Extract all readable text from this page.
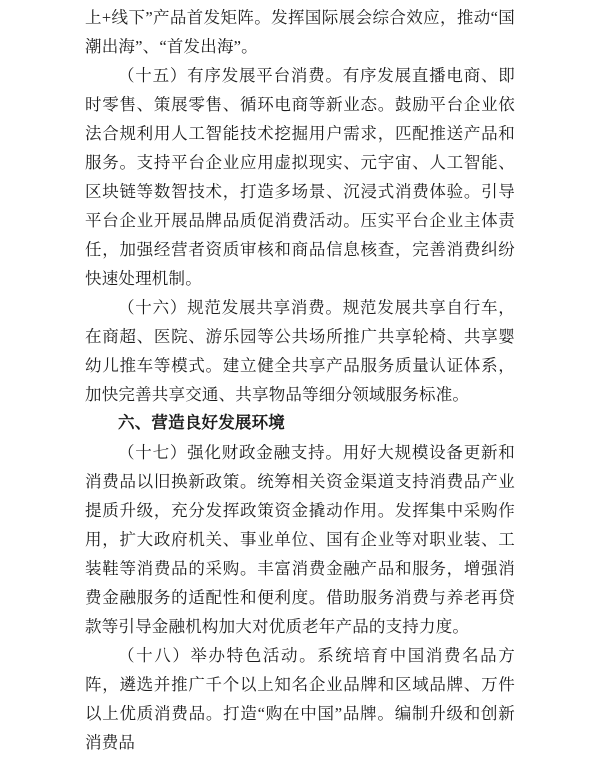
上+线下”产品首发矩阵。发挥国际展会综合效应，推动“国潮出海”、“首发出海”。

（十五）有序发展平台消费。有序发展直播电商、即时零售、策展零售、循环电商等新业态。鼓励平台企业依法合规利用人工智能技术挖掘用户需求，匹配推送产品和服务。支持平台企业应用虚拟现实、元宇宙、人工智能、区块链等数智技术，打造多场景、沉浸式消费体验。引导平台企业开展品牌品质促消费活动。压实平台企业主体责任，加强经营者资质审核和商品信息核查，完善消费纠纷快速处理机制。

（十六）规范发展共享消费。规范发展共享自行车，在商超、医院、游乐园等公共场所推广共享轮椅、共享婴幼儿推车等模式。建立健全共享产品服务质量认证体系，加快完善共享交通、共享物品等细分领域服务标准。

六、营造良好发展环境

（十七）强化财政金融支持。用好大规模设备更新和消费品以旧换新政策。统筹相关资金渠道支持消费品产业提质升级，充分发挥政策资金撬动作用。发挥集中采购作用，扩大政府机关、事业单位、国有企业等对职业装、工装鞋等消费品的采购。丰富消费金融产品和服务，增强消费金融服务的适配性和便利度。借助服务消费与养老再贷款等引导金融机构加大对优质老年产品的支持力度。

（十八）举办特色活动。系统培育中国消费名品方阵，遴选并推广千个以上知名企业品牌和区域品牌、万件以上优质消费品。打造“购在中国”品牌。编制升级和创新消费品
